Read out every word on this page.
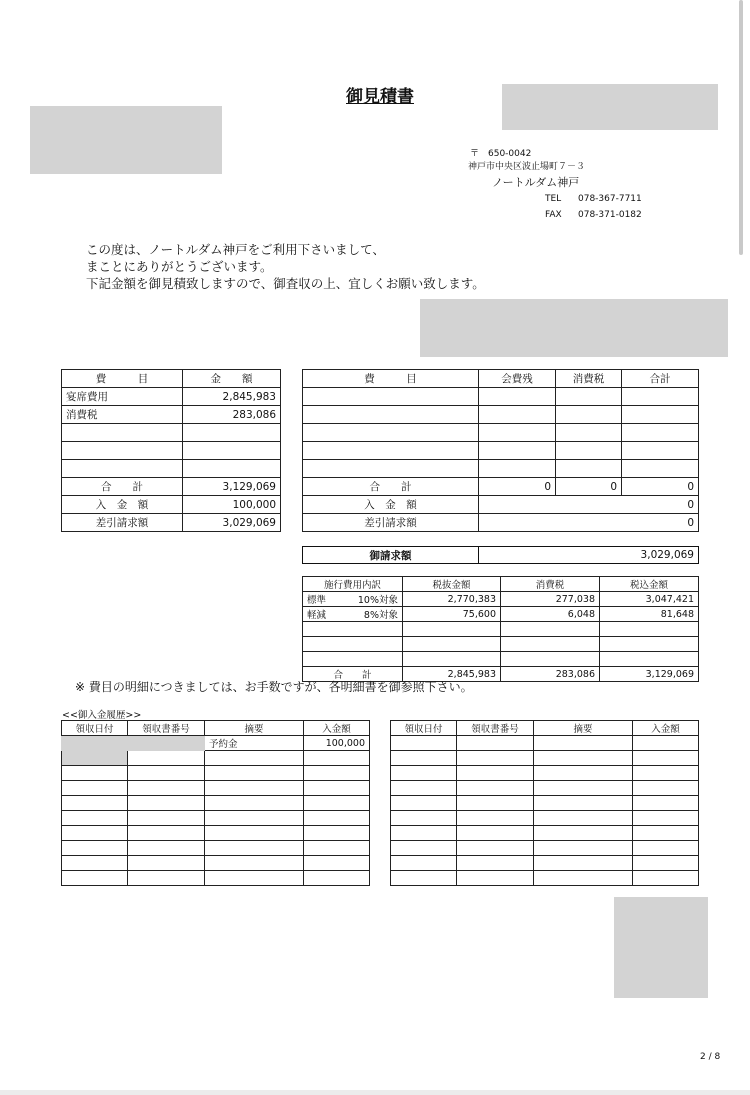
御見積書
〒　650-0042
神戸市中央区波止場町７－３
ノートルダム神戸
TEL 078-367-7711
FAX 078-371-0182
この度は、ノートルダム神戸をご利用下さいまして、
まことにありがとうございます。
下記金額を御見積致しますので、御査収の上、宜しくお願い致します。
費　　　目	金　　額
宴席費用	2,845,983
消費税	283,086

合　　計	3,129,069
入　金　額	100,000
差引請求額	3,029,069
費　　　目	会費残	消費税	合計

合　　計	0	0	0
入　金　額	0		
差引請求額	0		
御請求額	3,029,069
施行費用内訳	税抜金額	消費税	税込金額
標準 10%対象	2,770,383	277,038	3,047,421
軽減 8%対象	75,600	6,048	81,648

合　　計	2,845,983	283,086	3,129,069
※ 費目の明細につきましては、お手数ですが、各明細書を御参照下さい。
<<御入金履歴>>
領収日付	領収書番号	摘要	入金額
		予約金	100,000

領収日付	領収書番号	摘要	入金額

2 / 8
